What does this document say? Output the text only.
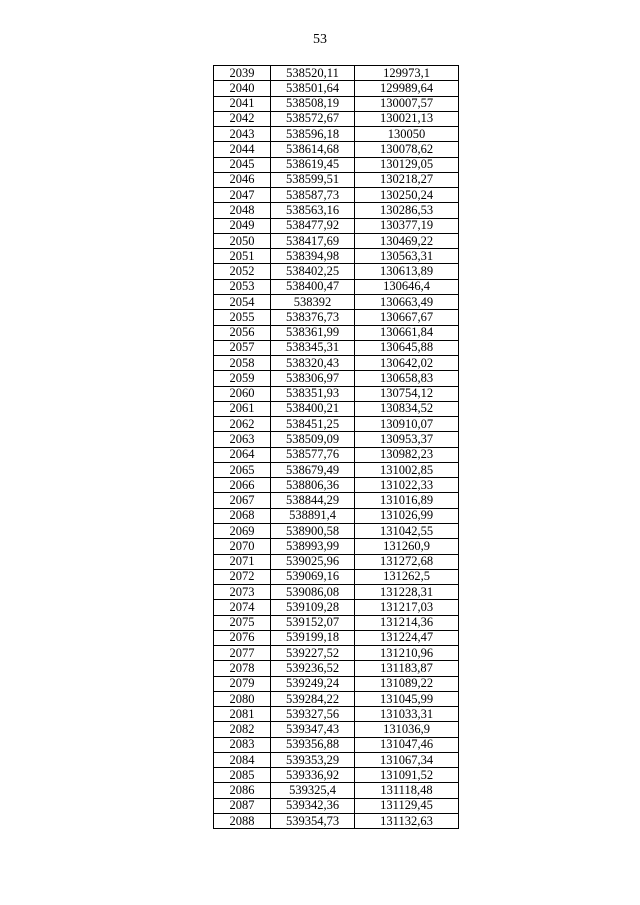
53
2039	538520,11	129973,1
2040	538501,64	129989,64
2041	538508,19	130007,57
2042	538572,67	130021,13
2043	538596,18	130050
2044	538614,68	130078,62
2045	538619,45	130129,05
2046	538599,51	130218,27
2047	538587,73	130250,24
2048	538563,16	130286,53
2049	538477,92	130377,19
2050	538417,69	130469,22
2051	538394,98	130563,31
2052	538402,25	130613,89
2053	538400,47	130646,4
2054	538392	130663,49
2055	538376,73	130667,67
2056	538361,99	130661,84
2057	538345,31	130645,88
2058	538320,43	130642,02
2059	538306,97	130658,83
2060	538351,93	130754,12
2061	538400,21	130834,52
2062	538451,25	130910,07
2063	538509,09	130953,37
2064	538577,76	130982,23
2065	538679,49	131002,85
2066	538806,36	131022,33
2067	538844,29	131016,89
2068	538891,4	131026,99
2069	538900,58	131042,55
2070	538993,99	131260,9
2071	539025,96	131272,68
2072	539069,16	131262,5
2073	539086,08	131228,31
2074	539109,28	131217,03
2075	539152,07	131214,36
2076	539199,18	131224,47
2077	539227,52	131210,96
2078	539236,52	131183,87
2079	539249,24	131089,22
2080	539284,22	131045,99
2081	539327,56	131033,31
2082	539347,43	131036,9
2083	539356,88	131047,46
2084	539353,29	131067,34
2085	539336,92	131091,52
2086	539325,4	131118,48
2087	539342,36	131129,45
2088	539354,73	131132,63
